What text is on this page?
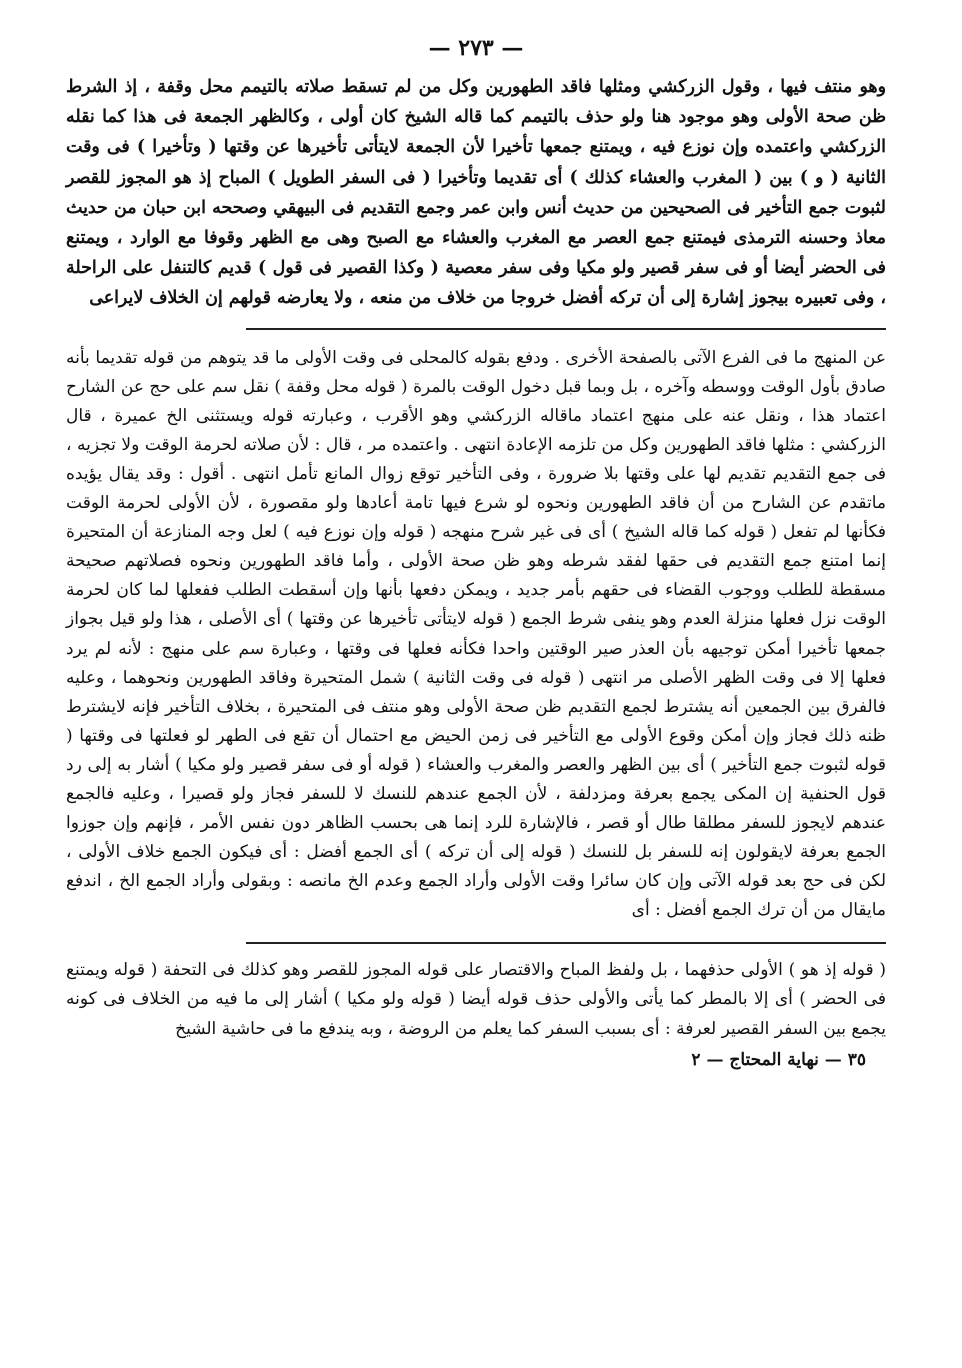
— ٢٧٣ —

وهو منتف فيها ، وقول الزركشي ومثلها فاقد الطهورين وكل من لم تسقط صلاته بالتيمم محل وقفة ، إذ الشرط ظن صحة الأولى وهو موجود هنا ولو حذف بالتيمم كما قاله الشيخ كان أولى ، وكالظهر الجمعة فى هذا كما نقله الزركشي واعتمده وإن نوزع فيه ، ويمتنع جمعها تأخيرا لأن الجمعة لايتأتى تأخيرها عن وقتها ( وتأخيرا ) فى وقت الثانية ( و ) بين ( المغرب والعشاء كذلك ) أى تقديما وتأخيرا ( فى السفر الطويل ) المباح إذ هو المجوز للقصر لثبوت جمع التأخير فى الصحيحين من حديث أنس وابن عمر وجمع التقديم فى البيهقي وصححه ابن حبان من حديث معاذ وحسنه الترمذى فيمتنع جمع العصر مع المغرب والعشاء مع الصبح وهى مع الظهر وقوفا مع الوارد ، ويمتنع فى الحضر أيضا أو فى سفر قصير ولو مكيا وفى سفر معصية ( وكذا القصير فى قول ) قديم كالتنفل على الراحلة ، وفى تعبيره بيجوز إشارة إلى أن تركه أفضل خروجا من خلاف من منعه ، ولا يعارضه قولهم إن الخلاف لايراعى

عن المنهج ما فى الفرع الآتى بالصفحة الأخرى . ودفع بقوله كالمحلى فى وقت الأولى ما قد يتوهم من قوله تقديما بأنه صادق بأول الوقت ووسطه وآخره ، بل وبما قبل دخول الوقت بالمرة ( قوله محل وقفة ) نقل سم على حج عن الشارح اعتماد هذا ، ونقل عنه على منهج اعتماد ماقاله الزركشي وهو الأقرب ، وعبارته قوله ويستثنى الخ عميرة ، قال الزركشي : مثلها فاقد الطهورين وكل من تلزمه الإعادة انتهى . واعتمده مر ، قال : لأن صلاته لحرمة الوقت ولا تجزيه ، فى جمع التقديم تقديم لها على وقتها بلا ضرورة ، وفى التأخير توقع زوال المانع تأمل انتهى . أقول : وقد يقال يؤيده ماتقدم عن الشارح من أن فاقد الطهورين ونحوه لو شرع فيها تامة أعادها ولو مقصورة ، لأن الأولى لحرمة الوقت فكأنها لم تفعل ( قوله كما قاله الشيخ ) أى فى غير شرح منهجه ( قوله وإن نوزع فيه ) لعل وجه المنازعة أن المتحيرة إنما امتنع جمع التقديم فى حقها لفقد شرطه وهو ظن صحة الأولى ، وأما فاقد الطهورين ونحوه فصلاتهم صحيحة مسقطة للطلب ووجوب القضاء فى حقهم بأمر جديد ، ويمكن دفعها بأنها وإن أسقطت الطلب ففعلها لما كان لحرمة الوقت نزل فعلها منزلة العدم وهو ينفى شرط الجمع ( قوله لايتأتى تأخيرها عن وقتها ) أى الأصلى ، هذا ولو قيل بجواز جمعها تأخيرا أمكن توجيهه بأن العذر صير الوقتين واحدا فكأنه فعلها فى وقتها ، وعبارة سم على منهج : لأنه لم يرد فعلها إلا فى وقت الظهر الأصلى مر انتهى ( قوله فى وقت الثانية ) شمل المتحيرة وفاقد الطهورين ونحوهما ، وعليه فالفرق بين الجمعين أنه يشترط لجمع التقديم ظن صحة الأولى وهو منتف فى المتحيرة ، بخلاف التأخير فإنه لايشترط ظنه ذلك فجاز وإن أمكن وقوع الأولى مع التأخير فى زمن الحيض مع احتمال أن تقع فى الطهر لو فعلتها فى وقتها ( قوله لثبوت جمع التأخير ) أى بين الظهر والعصر والمغرب والعشاء ( قوله أو فى سفر قصير ولو مكيا ) أشار به إلى رد قول الحنفية إن المكى يجمع بعرفة ومزدلفة ، لأن الجمع عندهم للنسك لا للسفر فجاز ولو قصيرا ، وعليه فالجمع عندهم لايجوز للسفر مطلقا طال أو قصر ، فالإشارة للرد إنما هى بحسب الظاهر دون نفس الأمر ، فإنهم وإن جوزوا الجمع بعرفة لايقولون إنه للسفر بل للنسك ( قوله إلى أن تركه ) أى الجمع أفضل : أى فيكون الجمع خلاف الأولى ، لكن فى حج بعد قوله الآتى وإن كان سائرا وقت الأولى وأراد الجمع وعدم الخ مانصه : وبقولى وأراد الجمع الخ ، اندفع مايقال من أن ترك الجمع أفضل : أى

( قوله إذ هو ) الأولى حذفهما ، بل ولفظ المباح والاقتصار على قوله المجوز للقصر وهو كذلك فى التحفة ( قوله ويمتنع فى الحضر ) أى إلا بالمطر كما يأتى والأولى حذف قوله أيضا ( قوله ولو مكيا ) أشار إلى ما فيه من الخلاف فى كونه يجمع بين السفر القصير لعرفة : أى بسبب السفر كما يعلم من الروضة ، وبه يندفع ما فى حاشية الشيخ

٣٥ — نهاية المحتاج — ٢
